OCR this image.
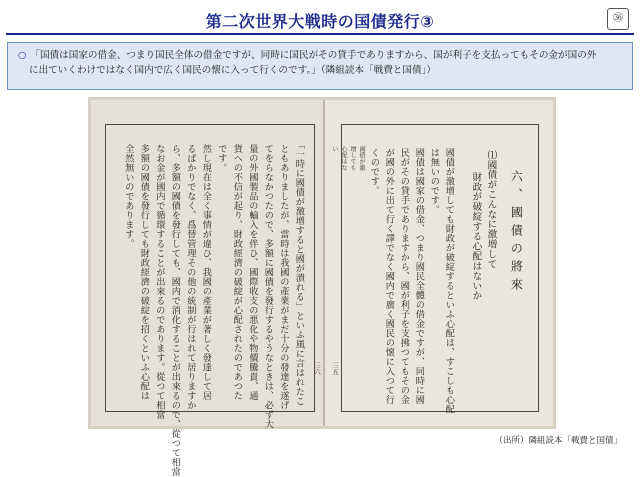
第二次世界大戦時の国債発行③	㊱
○ 「国債は国家の借金、つまり国民全体の借金ですが、同時に国民がその貸手でありますから、国が利子を支払ってもその金が国の外
に出ていくわけではなく国内で広く国民の懐に入って行くのです。」（隣組読本「戦費と国債」）
「一時に國債が激增すると國が潰れる」といふ風に言はれたこ
ともありましたが、當時は我國の產業がまだ十分の發達を遂げ
てをらなかつたので、多額に國債を發行するやうなときは、必ず大
量の外國製品の輸入を伴ひ、國際收支の悪化や物價騰貴、通
貨への不信が起り、財政經濟の破綻が心配されたのであつた
です。
然し現在は全く事情が違ひ、我國の產業が著しく發達して居
るばかりでなく、爲替管理その他の統制が行はれて居りますか
ら、多額の國債を發行しても、國内で消化することが出來るので、從つて相當
なお金が國内で循環することが出來るのであります。從つて相當
多額の國債を發行しても財政經濟の破綻を招くといふ心配は
全然無いのであります。
三六
六、國債の將來
⑴國債がこんなに激増して
財政が破綻する心配はないか
國債が激增しても財政が破綻するといふ心配は、すこしも心配
は無いのです。
國債は國家の借金、つまり國民全體の借金ですが、同時に國
民がその貸手でありますから、國が利子を支拂つてもその金
が國の外に出て行く譯でなく國内で廣く國民の懐に入つて行
くのです。

國債が激
增しても
心配はな
い

三五
（出所）隣組読本「戦費と国債」
